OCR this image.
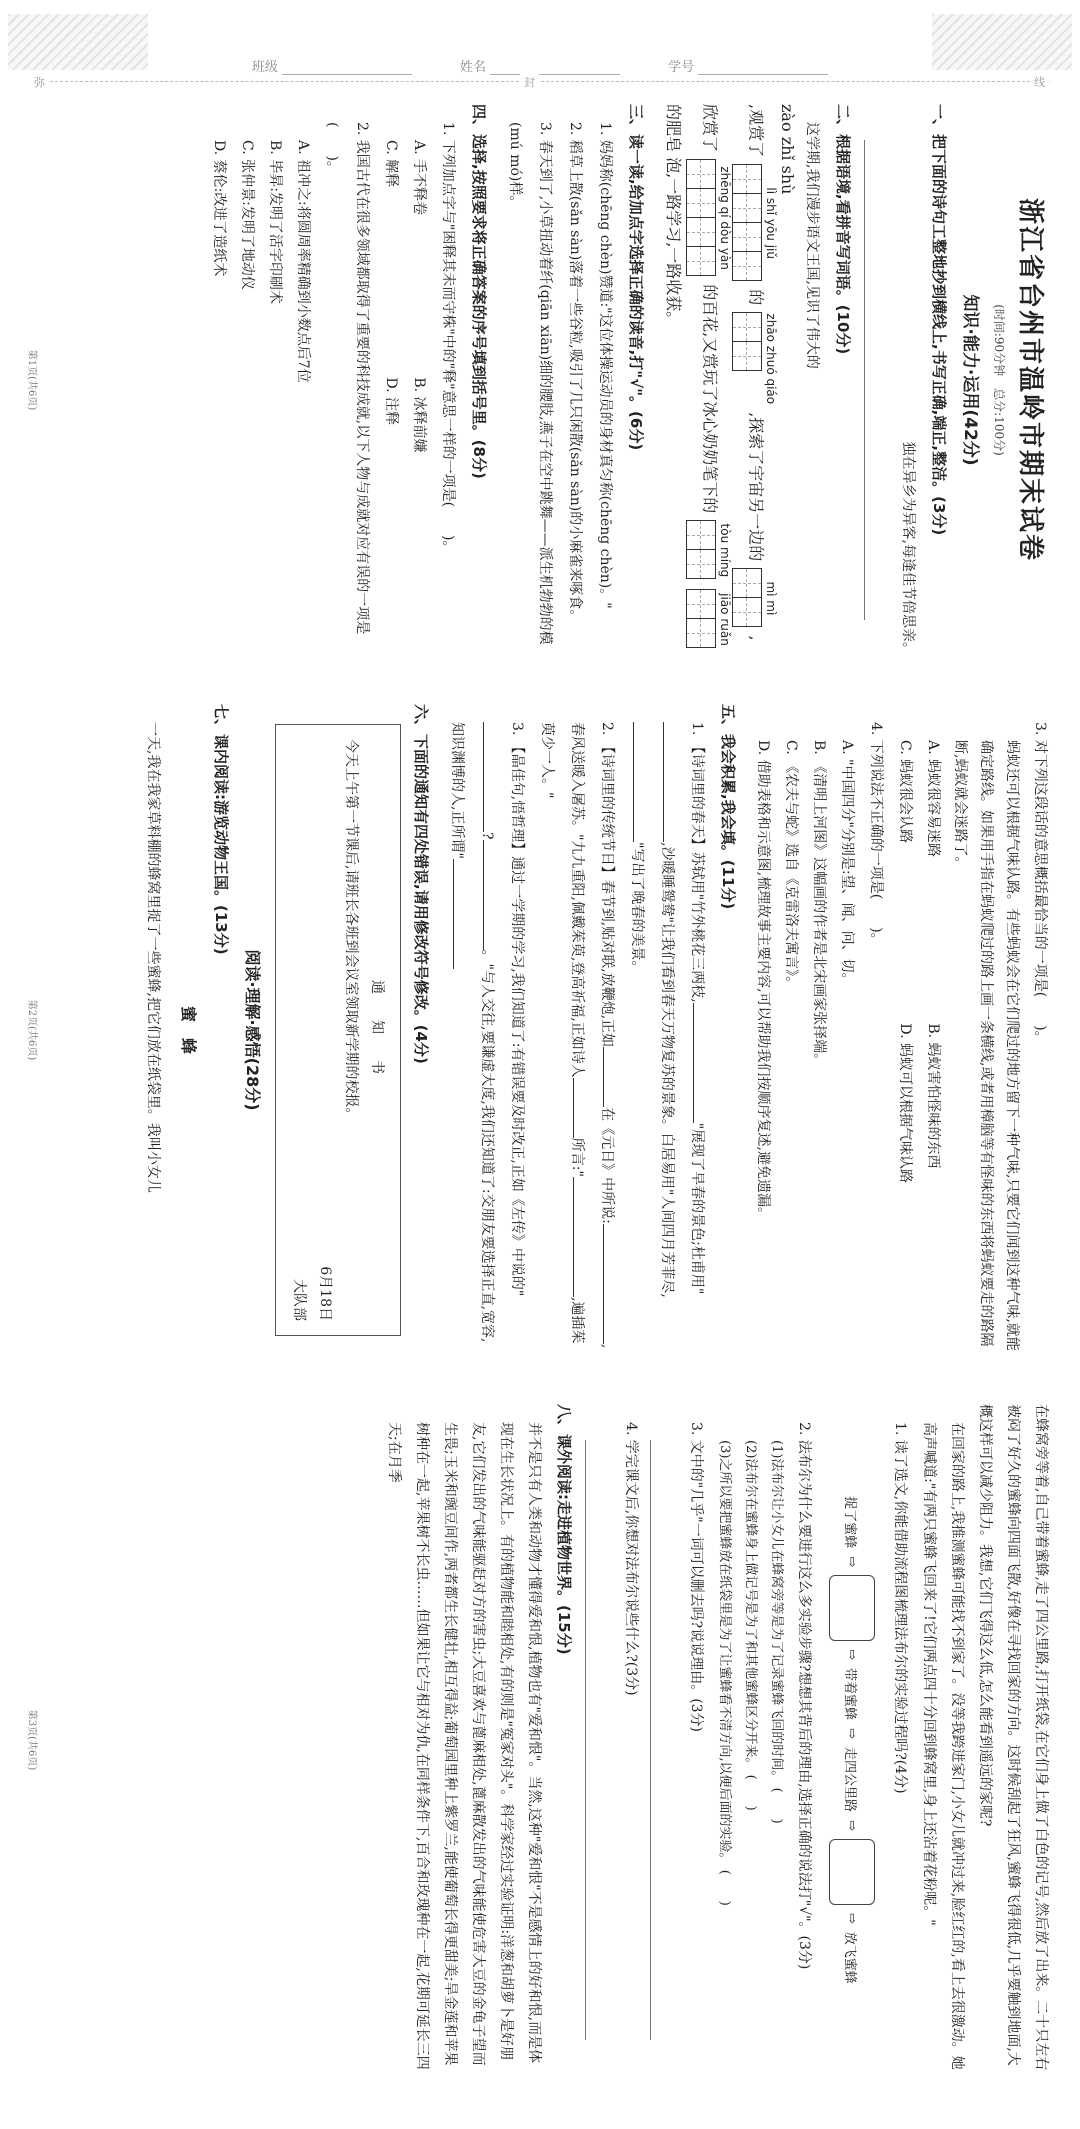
班级	姓名	学号
弥	封	线
浙江省台州市温岭市期末试卷
(时间:90分钟　总分:100分)
知识·能力·运用(42分)
一、把下面的诗句工整地抄到横线上,书写正确,端正,整洁。(3分)

独在异乡为异客,每逢佳节倍思亲。

二、根据语境,看拼音写词语。(10分)

这学期,我们漫步语文王国,见识了伟大的

zào zhǐ shù
,观赏了
lì shǐ yōu jiǔ
的
zhāo zhuó qiáo
,探索了宇宙另一边的
mì mì
,欣赏了
zhēng qí dòu yàn
的百花,又赏玩了冰心奶奶笔下的
tòu míng

jiāo ruǎn
的肥皂 泡,一路学习,一路收获。

三、读一读,给加点字选择正确的读音,打"√"。(6分)

1. 妈妈称(chēng chèn)赞道:"这位体操运动员的身材真匀称(chēng chèn)。"

2. 稻草上散(sǎn sàn)落着一些谷粒,吸引了几只闲散(sǎn sàn)的小麻雀来啄食。

3. 春天到了,小草扭动着纤(qiān xiān)细的腰肢,燕子在空中跳舞——派生机勃勃的模(mú mó)样。

四、选择,按照要求将正确答案的序号填到括号里。(8分)

1. 下列加点字与"困释其未而守株"中的"释"意思一样的一项是(　　)。

A. 手不释卷
B. 冰释前嫌
C. 解释
D. 注释

2. 我国古代在很多领域都取得了重要的科技成就,以下人物与成就对应有误的一项是(　　)。

A. 祖冲之:将圆周率精确到小数点后7位
B. 毕昇:发明了活字印刷术
C. 张仲景:发明了地动仪
D. 蔡伦:改进了造纸术
第1页(共6页)

3. 对下列这段话的意思概括最恰当的一项是(　　)。

蚂蚁还可以根据气味认路。有些蚂蚁会在它们爬过的地方留下一种气味,只要它们闻到这种气味,就能确定路线。如果用手指在蚂蚁爬过的路上画一条横线,或者用樟脑等有怪味的东西将蚂蚁要走的路隔断,蚂蚁就会迷路了。

A. 蚂蚁很容易迷路
B. 蚂蚁害怕怪味的东西
C. 蚂蚁很会认路
D. 蚂蚁可以根据气味认路

4. 下列说法不正确的一项是(　　)。

A. "中国四分"分别是:望、闻、问、切。
B. 《清明上河图》这幅画的作者是北宋画家张择端。
C. 《农夫与蛇》选自《克雷洛夫寓言》。
D. 借助表格和示意图,梳理故事主要内容,可以帮助我们按顺序复述,避免遗漏。
五、我会积累,我会填。(11分)

1. 【诗词里的春天】苏轼用"竹外桃花三两枝,"展现了早春的景色;杜甫用",沙暖睡鸳鸯"让我们看到春天万物复苏的景象。白居易用"人间四月芳菲尽,"写出了晚春的美景。

2. 【诗词里的传统节日】春节到,贴对联,放鞭炮,正如在《元日》中所说:,春风送暖入屠苏。"九九重阳,佩戴茱萸,登高祈福,正如诗人所言:",遍插茱萸少一人。"

3. 【晶佳句,悟哲理】通过一学期的学习,我们知道了:有错误要及时改正,正如《左传》中说的"?。"与人交往,要谦虚大度,我们还知道了:交朋友要选择正直,宽容,知识渊博的人,正所谓"

六、下面的通知有四处错误,请用修改符号修改。(4分)
通　知　书
今天上午第一节课后,请班长各班到会议室领取新学期的校报。
6月18日
大队部
阅读·理解·感悟(28分)
七、课内阅读:游览动物王国。(13分)
蜜　蜂

一天,我在我家草料棚的蜂窝里捉了一些蜜蜂,把它们放在纸袋里。我叫小女儿

第2页(共6页)

在蜂窝旁等着,自己带着蜜蜂,走了四公里路,打开纸袋,在它们身上做了白色的记号,然后放了出来。二十只左右被闷了好久的蜜蜂向四面飞散,好像在寻找回家的方向。这时候刮起了狂风,蜜蜂飞得很低,几乎要触到地面,大概这样可以减少阻力。我想,它们飞得这么低,怎么能看到遥远的家呢?

在回家的路上,我推测蜜蜂可能找不到家了。没等我跨进家门,小女儿就冲过来,脸红红的,看上去很激动。她高声喊道:"有两只蜜蜂飞回来了!它们两点四十分回到蜂窝里,身上还沾着花粉呢。"

1. 读了选文,你能借助流程图梳理法布尔的实验过程吗?(4分)

捉了蜜蜂
⇨
⇨
带着蜜蜂
⇨
走四公里路
⇨
⇨
放飞蜜蜂

2. 法布尔为什么要进行这么多实验步骤?想想其背后的理由,选择正确的说法打"√"。(3分)

(1)法布尔让小女儿在蜂窝旁等是为了记录蜜蜂飞回的时间。 (　　)
(2)法布尔在蜜蜂身上做记号是为了和其他蜜蜂区分开来。 (　　)
(3)之所以要把蜜蜂放在纸袋里是为了让蜜蜂看不清方向,以便后面的实验。 (　　)

3. 文中的"几乎"一词可以删去吗?说说理由。(3分)

4. 学完课文后,你想对法布尔说些什么?(3分)

八、课外阅读:走进植物世界。(15分)

并不是只有人类和动物才懂得爱和恨,植物也有"爱和恨"。当然,这种"爱和恨"不是感情上的好和恨,而是体现在生长状况上。有的植物能和睦相处,有的则是"冤家对头"。科学家经过实验证明:洋葱和胡萝卜是好朋友,它们发出的气味能驱赶对方的害虫;大豆喜欢与蓖麻相处,蓖麻散发出的气味能使危害大豆的金龟子望而生畏;玉米和豌豆间作,两者都生长健壮,相互得益;葡萄园里种上紫罗兰,能使葡萄长得更甜美;旱金莲和苹果树种在一起,苹果树不长虫……但如果让它与相对为仇,在同样条件下,百合和玫瑰种在一起,花期可延长三四天;在月季

第3页(共6页)
